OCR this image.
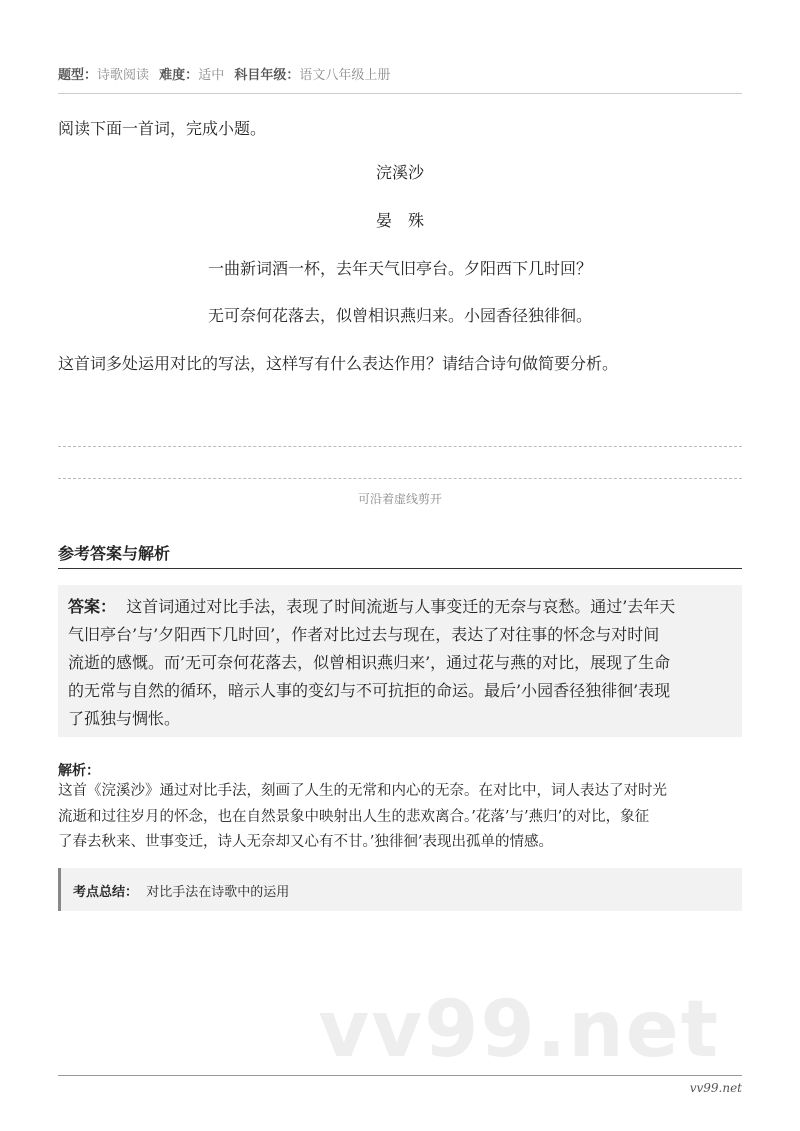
题型：诗歌阅读 难度：适中 科目年级：语文八年级上册
阅读下面一首词，完成小题。
浣溪沙
晏　殊
一曲新词酒一杯，去年天气旧亭台。夕阳西下几时回？
无可奈何花落去，似曾相识燕归来。小园香径独徘徊。
这首词多处运用对比的写法，这样写有什么表达作用？请结合诗句做简要分析。
可沿着虚线剪开
参考答案与解析
答案： 这首词通过对比手法，表现了时间流逝与人事变迁的无奈与哀愁。通过’去年天
气旧亭台’与’夕阳西下几时回’，作者对比过去与现在，表达了对往事的怀念与对时间
流逝的感慨。而’无可奈何花落去，似曾相识燕归来’，通过花与燕的对比，展现了生命
的无常与自然的循环，暗示人事的变幻与不可抗拒的命运。最后’小园香径独徘徊’表现
了孤独与惆怅。
解析：
这首《浣溪沙》通过对比手法，刻画了人生的无常和内心的无奈。在对比中，词人表达了对时光
流逝和过往岁月的怀念，也在自然景象中映射出人生的悲欢离合。’花落’与’燕归’的对比，象征
了春去秋来、世事变迁，诗人无奈却又心有不甘。’独徘徊’表现出孤单的情感。
考点总结： 对比手法在诗歌中的运用
vv99.net
vv99.net
